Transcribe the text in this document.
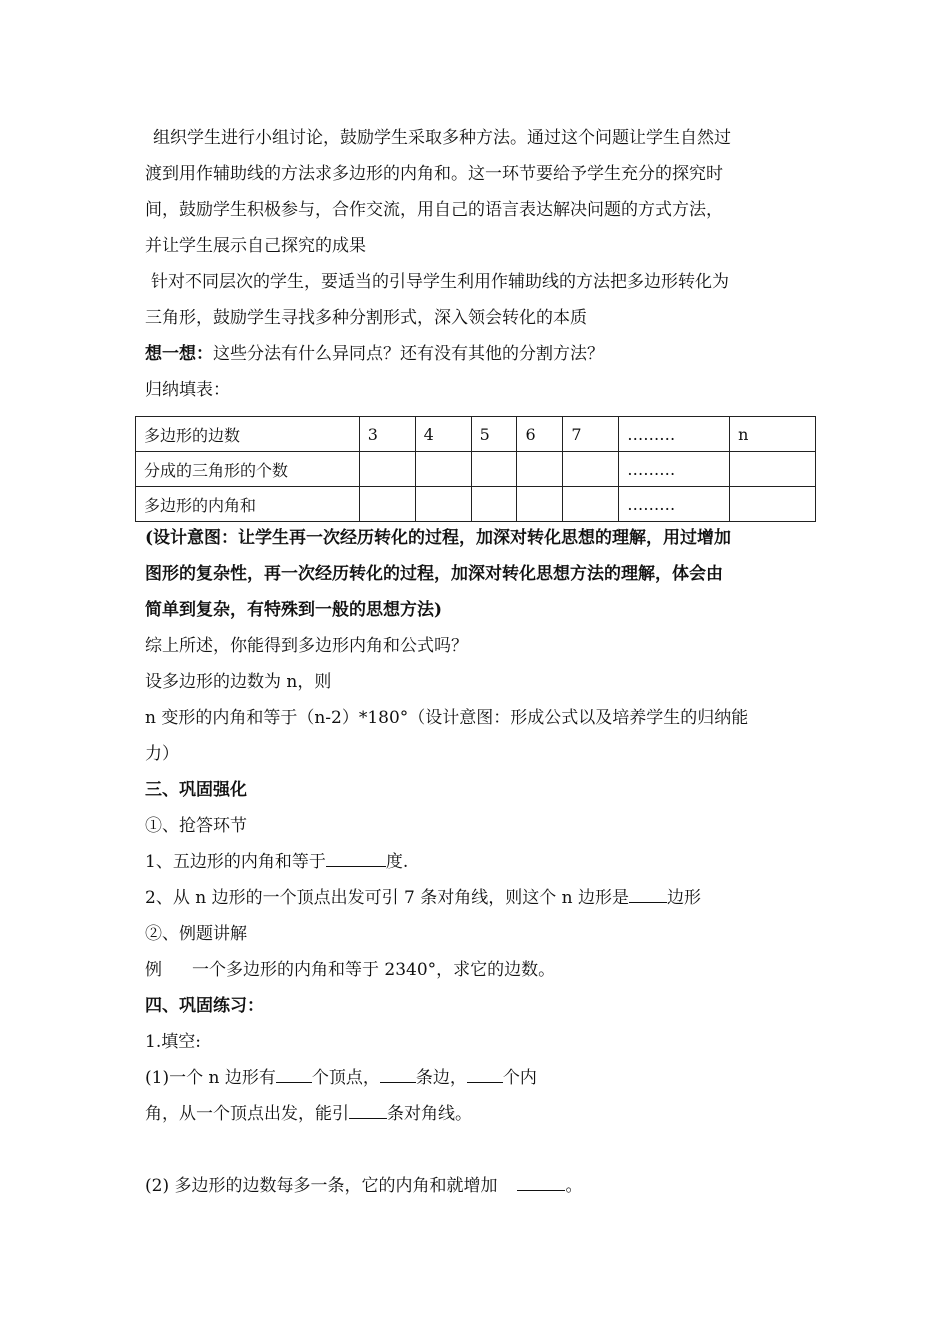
组织学生进行小组讨论，鼓励学生采取多种方法。通过这个问题让学生自然过
渡到用作辅助线的方法求多边形的内角和。这一环节要给予学生充分的探究时
间，鼓励学生积极参与，合作交流，用自己的语言表达解决问题的方式方法，
并让学生展示自己探究的成果
针对不同层次的学生，要适当的引导学生利用作辅助线的方法把多边形转化为
三角形，鼓励学生寻找多种分割形式，深入领会转化的本质
想一想：这些分法有什么异同点？还有没有其他的分割方法？
归纳填表：
多边形的边数	3	4	5	6	7	………	n
分成的三角形的个数						………	
多边形的内角和						………	
(设计意图：让学生再一次经历转化的过程，加深对转化思想的理解，用过增加
图形的复杂性，再一次经历转化的过程，加深对转化思想方法的理解，体会由
简单到复杂，有特殊到一般的思想方法)
综上所述，你能得到多边形内角和公式吗？
设多边形的边数为 n，则
n 变形的内角和等于（n-2）*180°（设计意图：形成公式以及培养学生的归纳能
力）
三、巩固强化
①、抢答环节
1、五边形的内角和等于	度.
2、从 n 边形的一个顶点出发可引 7 条对角线，则这个 n 边形是 边形
②、例题讲解
例 一个多边形的内角和等于 2340°，求它的边数。
四、巩固练习：
1.填空:
(1)一个 n 边形有 个顶点， 条边， 个内
角，从一个顶点出发，能引 条对角线。
(2) 多边形的边数每多一条，它的内角和就增加	。
